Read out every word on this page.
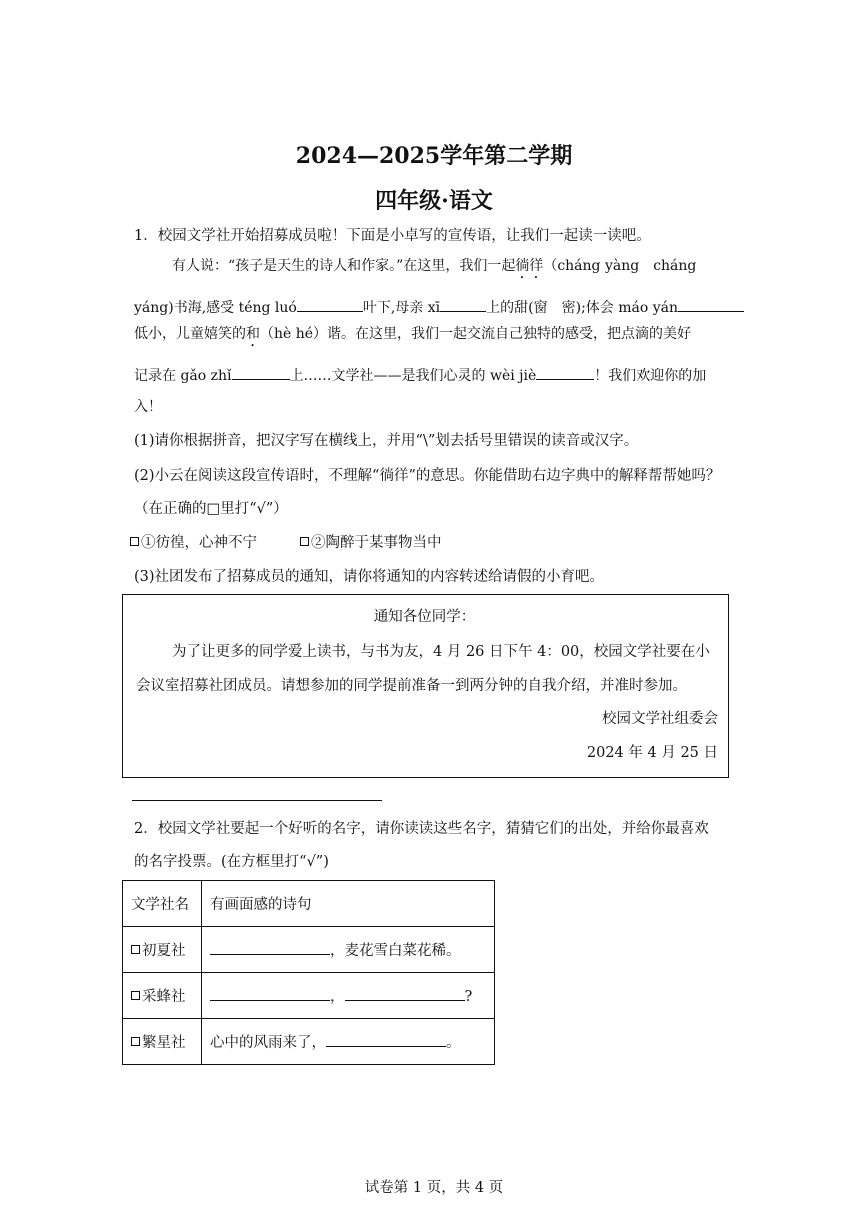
2024—2025学年第二学期
四年级·语文
1．校园文学社开始招募成员啦！下面是小卓写的宣传语，让我们一起读一读吧。
有人说：“孩子是天生的诗人和作家。”在这里，我们一起徜徉（cháng yàng　cháng
yáng)书海,感受 téng luó	叶下,母亲 xī	上的甜(窗　密);体会 máo yán
低小，儿童嬉笑的和（hè hé）谐。在这里，我们一起交流自己独特的感受，把点滴的美好
记录在 gǎo zhǐ	上……文学社——是我们心灵的 wèi jiè	！我们欢迎你的加
入！
(1)请你根据拼音，把汉字写在横线上，并用“\”划去括号里错误的读音或汉字。
(2)小云在阅读这段宣传语时，不理解“徜徉”的意思。你能借助右边字典中的解释帮帮她吗？
（在正确的□里打“√”）
①彷徨，心神不宁	②陶醉于某事物当中
(3)社团发布了招募成员的通知，请你将通知的内容转述给请假的小育吧。
通知各位同学：
为了让更多的同学爱上读书，与书为友，4 月 26 日下午 4：00，校园文学社要在小
会议室招募社团成员。请想参加的同学提前准备一到两分钟的自我介绍，并准时参加。
校园文学社组委会
2024 年 4 月 25 日
2．校园文学社要起一个好听的名字，请你读读这些名字，猜猜它们的出处，并给你最喜欢
的名字投票。(在方框里打“√”)
文学社名	有画面感的诗句
初夏社	，麦花雪白菜花稀。
采蜂社	， ?
繁星社	心中的风雨来了， 。
试卷第 1 页，共 4 页
